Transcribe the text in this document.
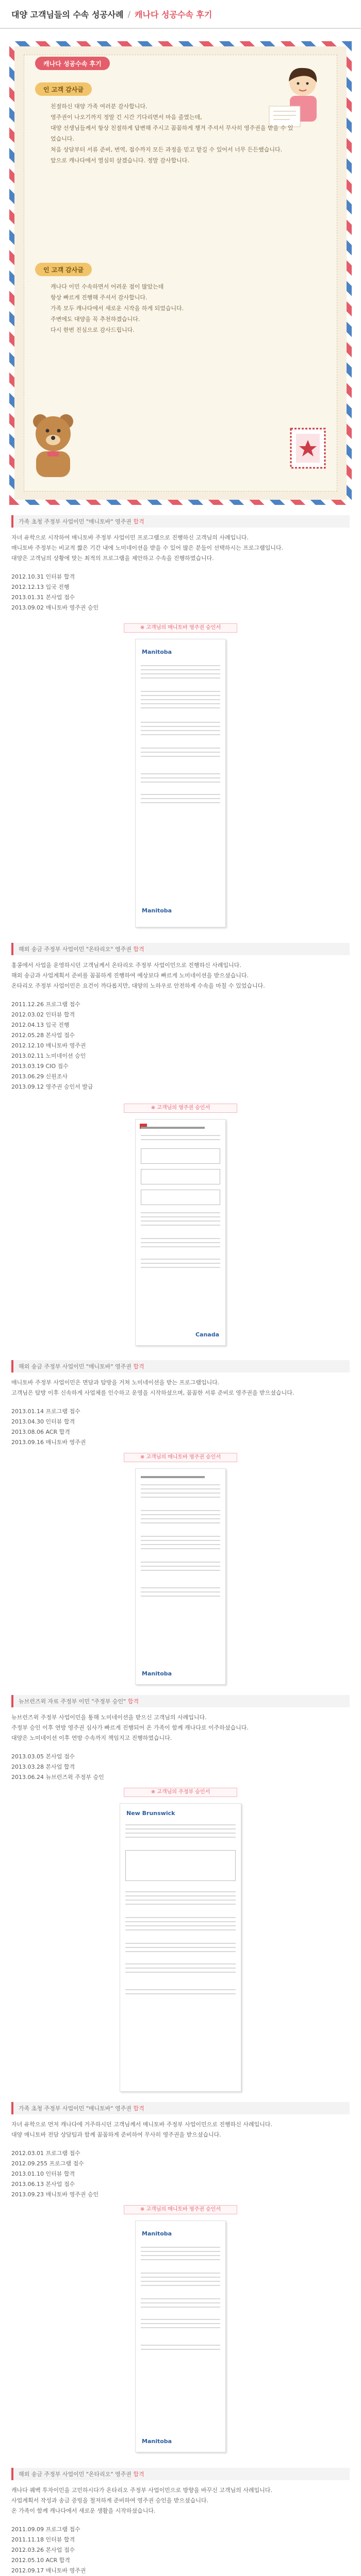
대양 고객님들의 수속 성공사례 / 캐나다 성공수속 후기
캐나다 성공수속 후기
인 고객 감사글

친절하신 대양 가족 여러분 감사합니다.

영주권이 나오기까지 정말 긴 시간 기다리면서 마음 졸였는데,

대양 선생님들께서 항상 친절하게 답변해 주시고 꼼꼼하게 챙겨 주셔서 무사히 영주권을 받을 수 있었습니다.

처음 상담부터 서류 준비, 번역, 접수까지 모든 과정을 믿고 맡길 수 있어서 너무 든든했습니다.

앞으로 캐나다에서 열심히 살겠습니다. 정말 감사합니다.

인 고객 감사글

캐나다 이민 수속하면서 어려운 점이 많았는데

항상 빠르게 진행해 주셔서 감사합니다.

가족 모두 캐나다에서 새로운 시작을 하게 되었습니다.

주변에도 대양을 꼭 추천하겠습니다.

다시 한번 진심으로 감사드립니다.

가족 초청 주정부 사업이민 "매니토바" 영주권 합격

자녀 유학으로 시작하여 매니토바 주정부 사업이민 프로그램으로 진행하신 고객님의 사례입니다.

매니토바 주정부는 비교적 짧은 기간 내에 노미네이션을 받을 수 있어 많은 분들이 선택하시는 프로그램입니다.

대양은 고객님의 상황에 맞는 최적의 프로그램을 제안하고 수속을 진행하였습니다.

2012.10.31 인터뷰 합격
2012.12.13 입국 진행
2013.01.31 본사업 접수
2013.09.02 매니토바 영주권 승인
※ 고객님의 매니토바 영주권 승인서
Manitoba
Manitoba
해외 송금 주정부 사업이민 "온타리오" 영주권 합격

홍콩에서 사업을 운영하시던 고객님께서 온타리오 주정부 사업이민으로 진행하신 사례입니다.

해외 송금과 사업계획서 준비를 꼼꼼하게 진행하여 예상보다 빠르게 노미네이션을 받으셨습니다.

온타리오 주정부 사업이민은 요건이 까다롭지만, 대양의 노하우로 안전하게 수속을 마칠 수 있었습니다.

2011.12.26 프로그램 접수
2012.03.02 인터뷰 합격
2012.04.13 입국 진행
2012.05.28 본사업 접수
2012.12.10 매니토바 영주권
2013.02.11 노미네이션 승인
2013.03.19 CIO 접수
2013.06.29 신원조사
2013.09.12 영주권 승인서 발급
※ 고객님의 영주권 승인서
Canada
해외 송금 주정부 사업이민 "매니토바" 영주권 합격

매니토바 주정부 사업이민은 면담과 탐방을 거쳐 노미네이션을 받는 프로그램입니다.

고객님은 탐방 이후 신속하게 사업체를 인수하고 운영을 시작하셨으며, 꼼꼼한 서류 준비로 영주권을 받으셨습니다.

2013.01.14 프로그램 접수
2013.04.30 인터뷰 합격
2013.08.06 ACR 합격
2013.09.16 매니토바 영주권
※ 고객님의 매니토바 영주권 승인서
Manitoba
뉴브런즈윅 자료 주정부 이민 "주정부 승인" 합격

뉴브런즈윅 주정부 사업이민을 통해 노미네이션을 받으신 고객님의 사례입니다.

주정부 승인 이후 연방 영주권 심사가 빠르게 진행되어 온 가족이 함께 캐나다로 이주하셨습니다.

대양은 노미네이션 이후 연방 수속까지 책임지고 진행하였습니다.

2013.03.05 본사업 접수
2013.03.28 본사업 합격
2013.06.24 뉴브런즈윅 주정부 승인
※ 고객님의 주정부 승인서
New Brunswick
가족 초청 주정부 사업이민 "매니토바" 영주권 합격

자녀 유학으로 먼저 캐나다에 거주하시던 고객님께서 매니토바 주정부 사업이민으로 진행하신 사례입니다.

대양 매니토바 전담 상담팀과 함께 꼼꼼하게 준비하여 무사히 영주권을 받으셨습니다.

2012.03.01 프로그램 접수
2012.09.255 프로그램 접수
2013.01.10 인터뷰 합격
2013.06.13 본사업 접수
2013.09.23 매니토바 영주권 승인
※ 고객님의 매니토바 영주권 승인서
Manitoba
Manitoba
해외 송금 주정부 사업이민 "온타리오" 영주권 합격

캐나다 퀘벡 투자이민을 고민하시다가 온타리오 주정부 사업이민으로 방향을 바꾸신 고객님의 사례입니다.

사업계획서 작성과 송금 증빙을 철저하게 준비하여 영주권 승인을 받으셨습니다.

온 가족이 함께 캐나다에서 새로운 생활을 시작하셨습니다.

2011.09.09 프로그램 접수
2011.11.18 인터뷰 합격
2012.03.26 본사업 접수
2012.05.10 ACR 합격
2012.09.17 매니토바 영주권
